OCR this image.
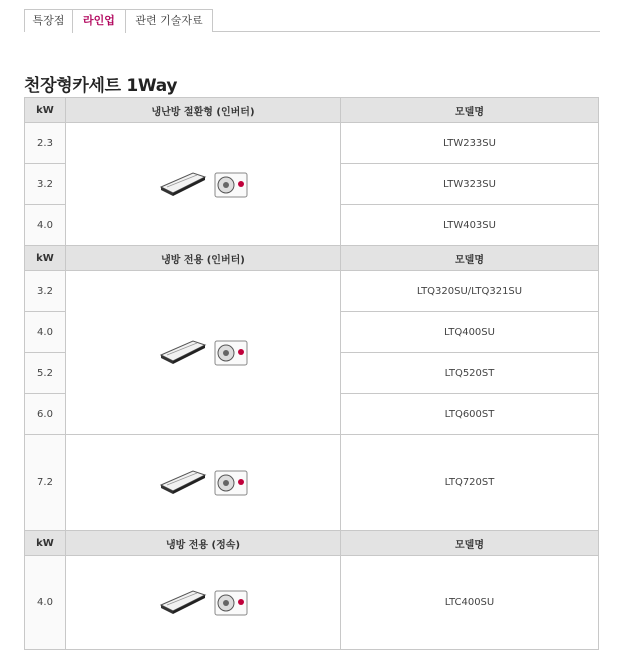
특장점	라인업	관련 기술자료
천장형카세트 1Way
kW	냉난방 절환형 (인버터)	모델명
2.3		LTW233SU
3.2		LTW323SU
4.0		LTW403SU
kW	냉방 전용 (인버터)	모델명
3.2		LTQ320SU/LTQ321SU
4.0		LTQ400SU
5.2		LTQ520ST
6.0		LTQ600ST
7.2		LTQ720ST
kW	냉방 전용 (정속)	모델명
4.0		LTC400SU
